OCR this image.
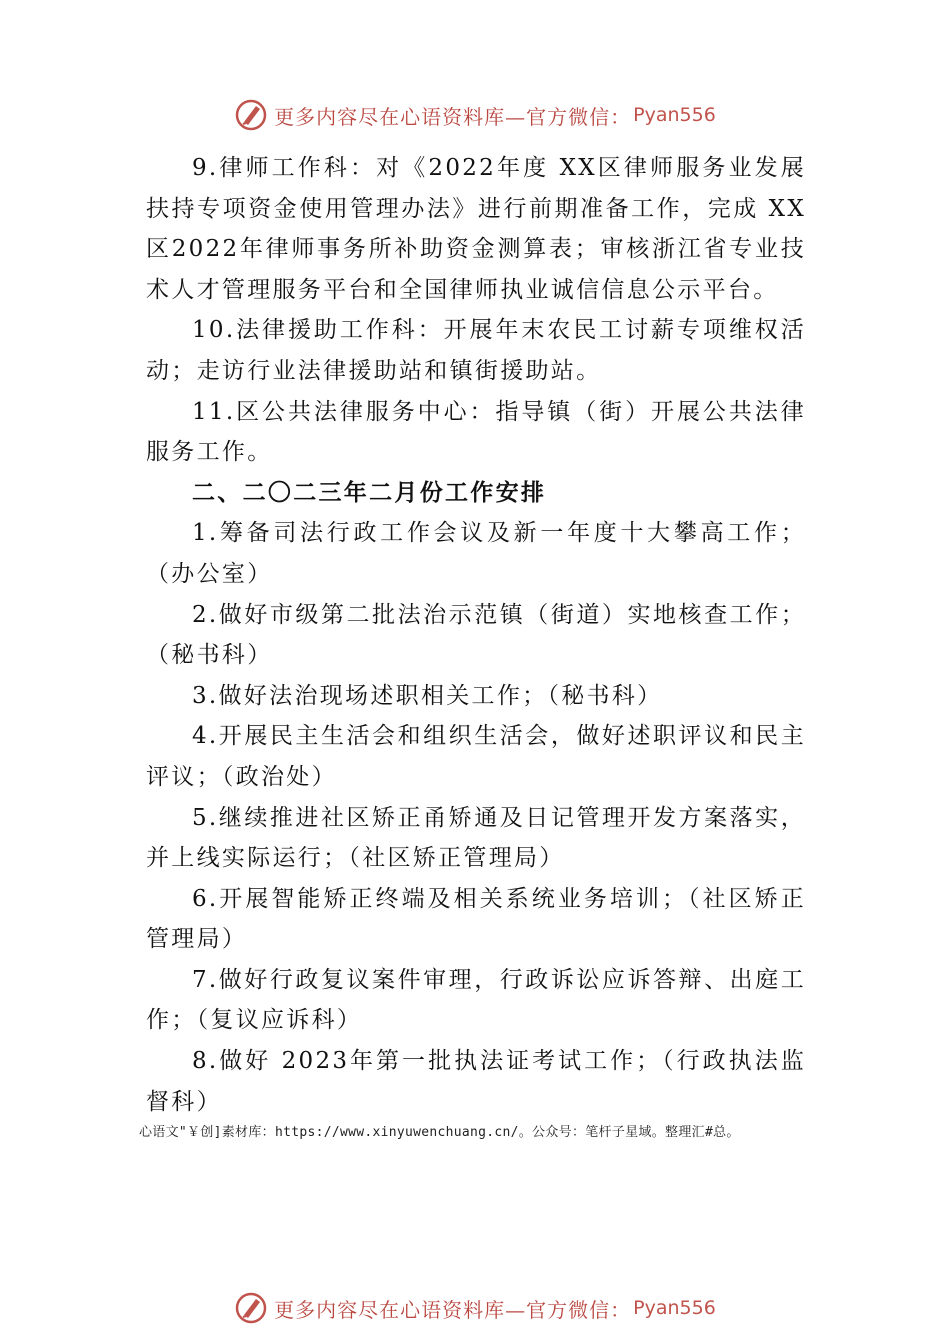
更多内容尽在心语资料库—官方微信： Pyan556

9.律师工作科：对《2022年度 XX区律师服务业发展扶持专项资金使用管理办法》进行前期准备工作，完成 XX区2022年律师事务所补助资金测算表；审核浙江省专业技术人才管理服务平台和全国律师执业诚信信息公示平台。

10.法律援助工作科：开展年末农民工讨薪专项维权活动；走访行业法律援助站和镇街援助站。

11.区公共法律服务中心：指导镇（街）开展公共法律服务工作。

二、二〇二三年二月份工作安排

1.筹备司法行政工作会议及新一年度十大攀高工作；（办公室）

2.做好市级第二批法治示范镇（街道）实地核查工作；（秘书科）

3.做好法治现场述职相关工作；（秘书科）

4.开展民主生活会和组织生活会，做好述职评议和民主评议；（政治处）

5.继续推进社区矫正甬矫通及日记管理开发方案落实，并上线实际运行；（社区矫正管理局）

6.开展智能矫正终端及相关系统业务培训；（社区矫正管理局）

7.做好行政复议案件审理，行政诉讼应诉答辩、出庭工作；（复议应诉科）

8.做好 2023年第一批执法证考试工作；（行政执法监督科）

心语文"￥创]素材库：https://www.xinyuwenchuang.cn/。公众号：笔杆子星域。整理汇#总。
更多内容尽在心语资料库—官方微信： Pyan556
